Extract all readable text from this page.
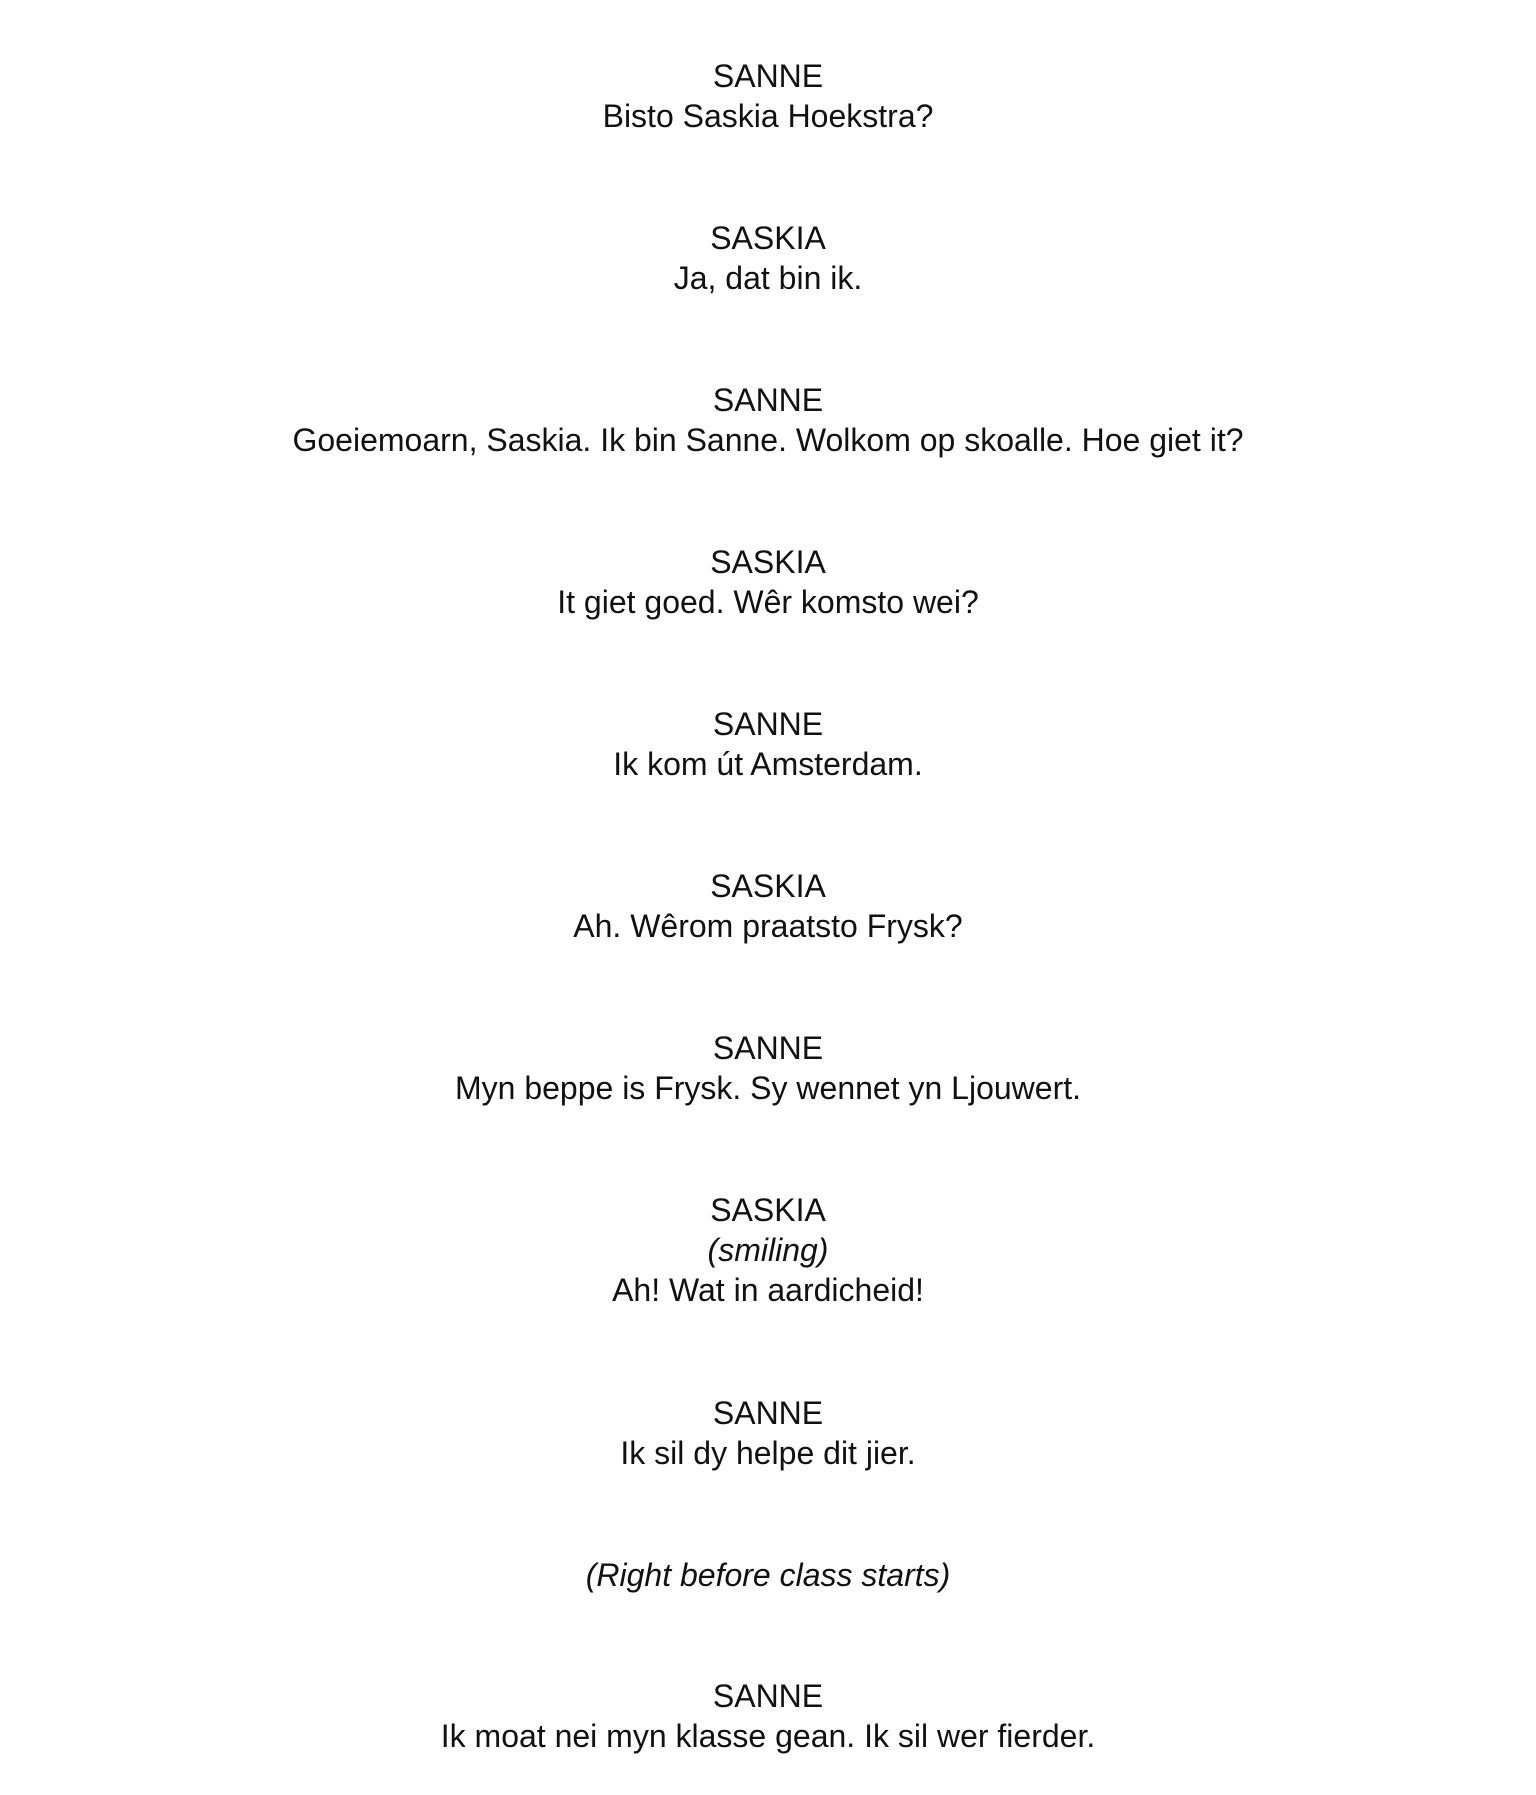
SANNE
Bisto Saskia Hoekstra?
SASKIA
Ja, dat bin ik.
SANNE
Goeiemoarn, Saskia. Ik bin Sanne. Wolkom op skoalle. Hoe giet it?
SASKIA
It giet goed. Wêr komsto wei?
SANNE
Ik kom út Amsterdam.
SASKIA
Ah. Wêrom praatsto Frysk?
SANNE
Myn beppe is Frysk. Sy wennet yn Ljouwert.
SASKIA
(smiling)
Ah! Wat in aardicheid!
SANNE
Ik sil dy helpe dit jier.
(Right before class starts)
SANNE
Ik moat nei myn klasse gean. Ik sil wer fierder.
